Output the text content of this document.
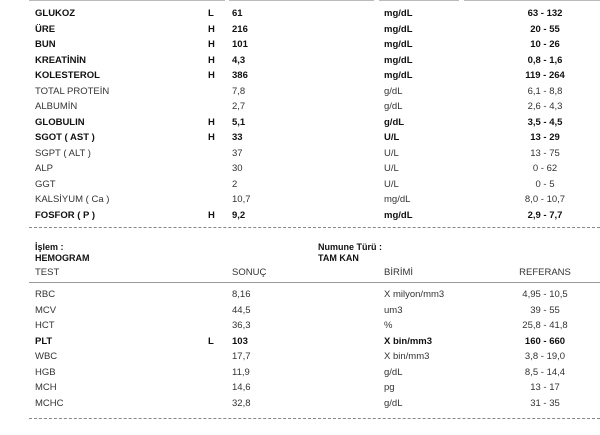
GLUKOZ	L 61	mg/dL	63 - 132
ÜRE	H 216	mg/dL	20 - 55
BUN	H 101	mg/dL	10 - 26
KREATİNİN	H 4,3	mg/dL	0,8 - 1,6
KOLESTEROL	H 386	mg/dL	119 - 264
TOTAL PROTEİN	7,8	g/dL	6,1 - 8,8
ALBUMİN	2,7	g/dL	2,6 - 4,3
GLOBULIN	H 5,1	g/dL	3,5 - 4,5
SGOT ( AST )	H 33	U/L	13 - 29
SGPT ( ALT )	37	U/L	13 - 75
ALP	30	U/L	0 - 62
GGT	2	U/L	0 - 5
KALSİYUM ( Ca )	10,7	mg/dL	8,0 - 10,7
FOSFOR ( P )	H 9,2	mg/dL	2,9 - 7,7
İşlem :
HEMOGRAM
Numune Türü :
TAM KAN
TEST	SONUÇ	BİRİMİ	REFERANS
RBC	8,16	X milyon/mm3	4,95 - 10,5
MCV	44,5	um3	39 - 55
HCT	36,3	%	25,8 - 41,8
PLT	L 103	X bin/mm3	160 - 660
WBC	17,7	X bin/mm3	3,8 - 19,0
HGB	11,9	g/dL	8,5 - 14,4
MCH	14,6	pg	13 - 17
MCHC	32,8	g/dL	31 - 35
